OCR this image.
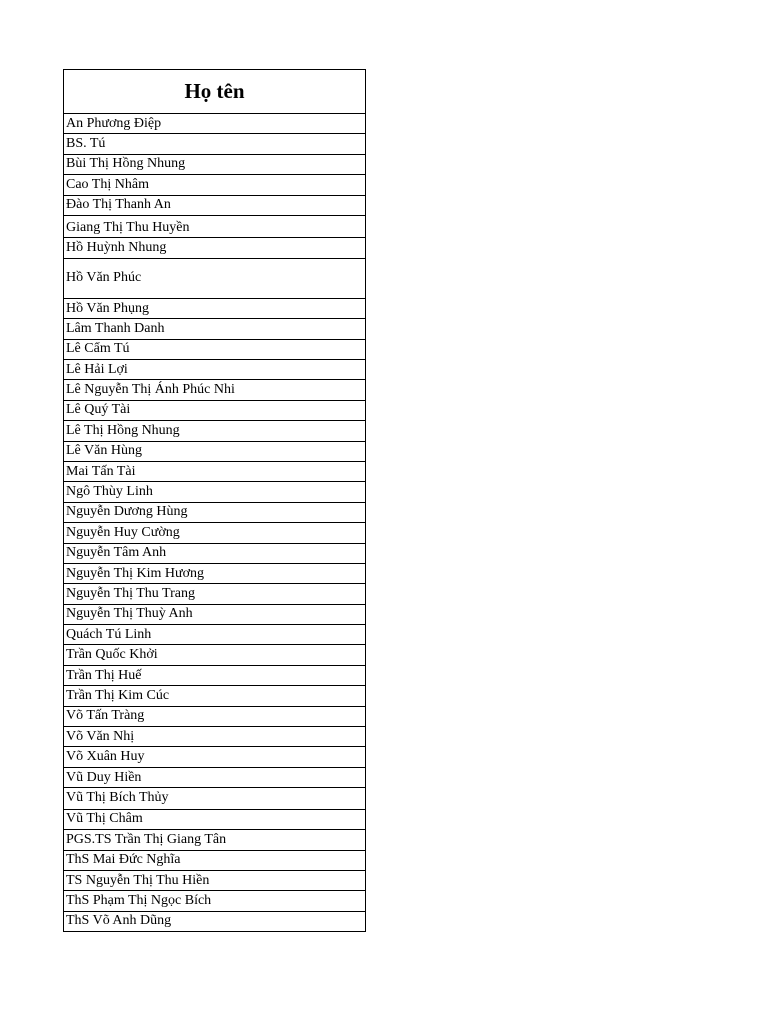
Họ tên
An Phương Điệp
BS. Tú
Bùi Thị Hồng Nhung
Cao Thị Nhâm
Đào Thị Thanh An
Giang Thị Thu Huyền
Hồ Huỳnh Nhung
Hồ Văn Phúc
Hồ Văn Phụng
Lâm Thanh Danh
Lê Cẩm Tú
Lê Hải Lợi
Lê Nguyễn Thị Ánh Phúc Nhi
Lê Quý Tài
Lê Thị Hồng Nhung
Lê Văn Hùng
Mai Tấn Tài
Ngô Thùy Linh
Nguyễn Dương Hùng
Nguyễn Huy Cường
Nguyễn Tâm Anh
Nguyễn Thị Kim Hương
Nguyễn Thị Thu Trang
Nguyễn Thị Thuỳ Anh
Quách Tú Linh
Trần Quốc Khởi
Trần Thị Huế
Trần Thị Kim Cúc
Võ Tấn Tràng
Võ Văn Nhị
Võ Xuân Huy
Vũ Duy Hiền
Vũ Thị Bích Thủy
Vũ Thị Châm
PGS.TS Trần Thị Giang Tân
ThS Mai Đức Nghĩa
TS Nguyễn Thị Thu Hiền
ThS Phạm Thị Ngọc Bích
ThS Võ Anh Dũng
